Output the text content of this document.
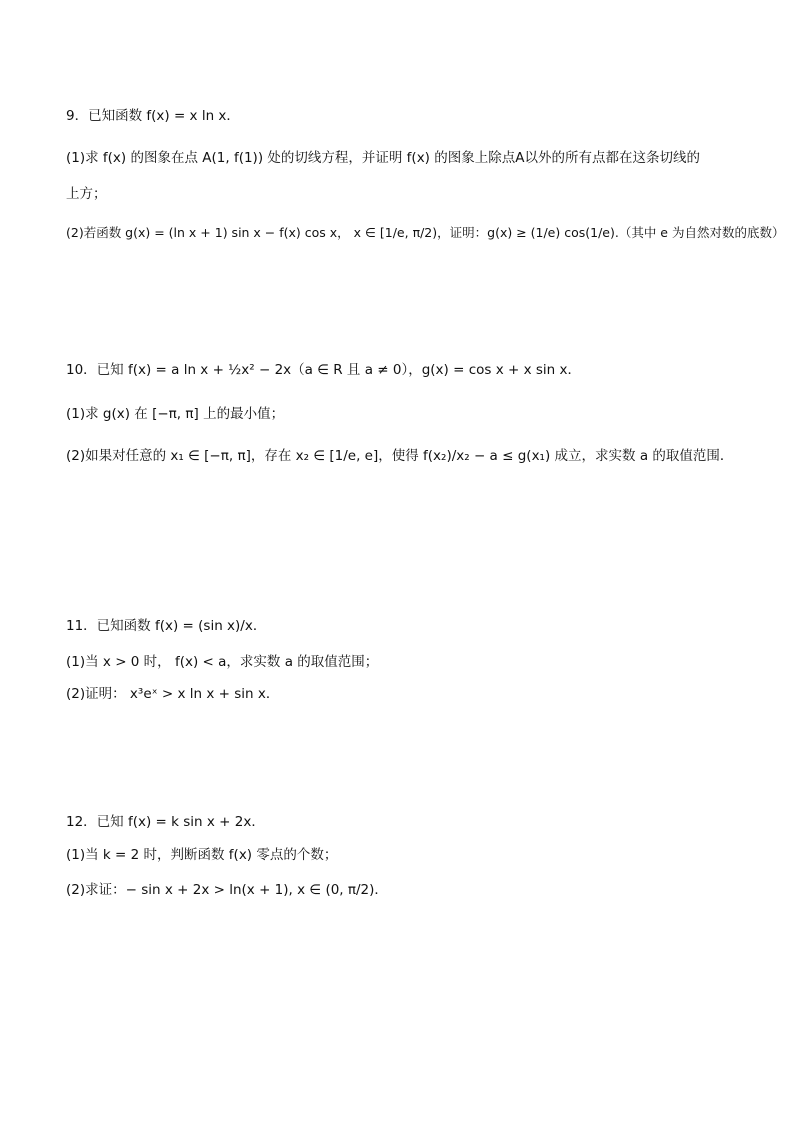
9．已知函数 f(x) = x ln x．
(1)求 f(x) 的图象在点 A(1, f(1)) 处的切线方程，并证明 f(x) 的图象上除点A以外的所有点都在这条切线的
上方；
(2)若函数 g(x) = (ln x + 1) sin x − f(x) cos x， x ∈ [1/e, π/2)，证明：g(x) ≥ (1/e) cos(1/e).（其中 e 为自然对数的底数）
10．已知 f(x) = a ln x + ½x² − 2x（a ∈ R 且 a ≠ 0），g(x) = cos x + x sin x．
(1)求 g(x) 在 [−π, π] 上的最小值；
(2)如果对任意的 x₁ ∈ [−π, π]，存在 x₂ ∈ [1/e, e]，使得 f(x₂)/x₂ − a ≤ g(x₁) 成立，求实数 a 的取值范围．
11．已知函数 f(x) = (sin x)/x．
(1)当 x > 0 时， f(x) < a，求实数 a 的取值范围；
(2)证明： x³eˣ > x ln x + sin x．
12．已知 f(x) = k sin x + 2x．
(1)当 k = 2 时，判断函数 f(x) 零点的个数；
(2)求证：− sin x + 2x > ln(x + 1), x ∈ (0, π/2)．
